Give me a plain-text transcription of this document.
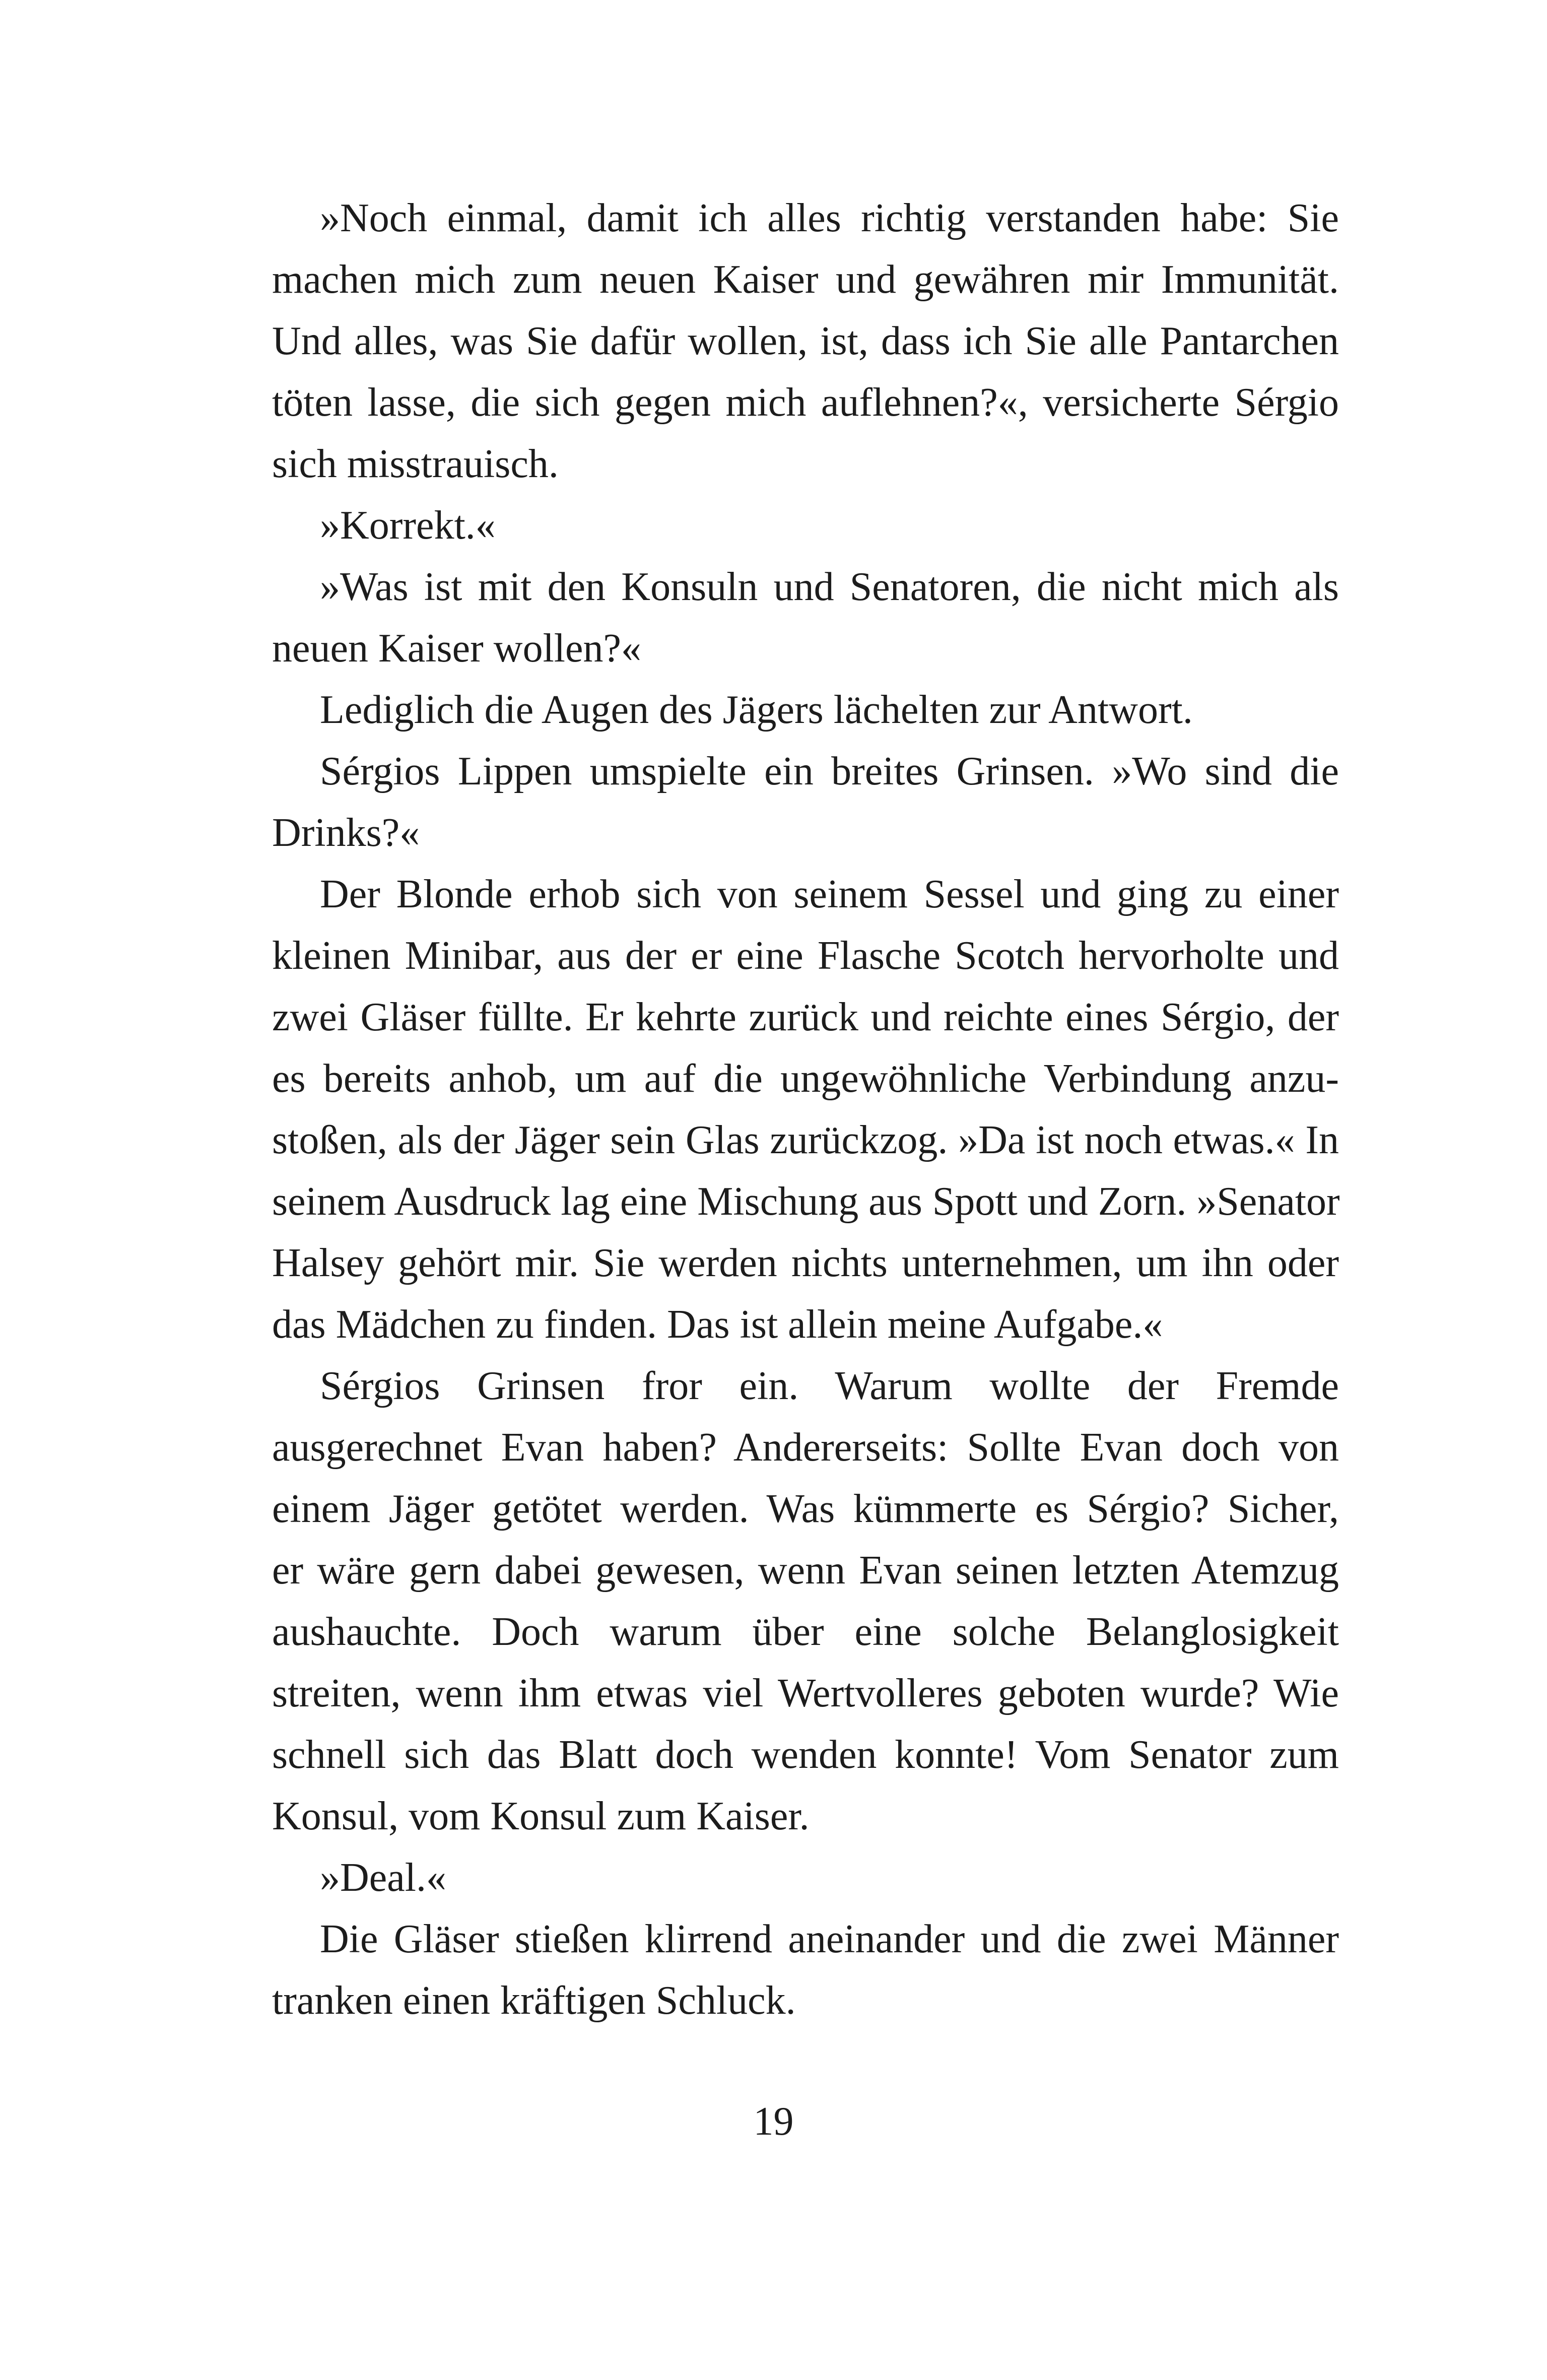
»Noch einmal, damit ich alles richtig verstanden habe: Sie
machen mich zum neuen Kaiser und gewähren mir Immunität.
Und alles, was Sie dafür wollen, ist, dass ich Sie alle Pantarchen
töten lasse, die sich gegen mich auflehnen?«, versicherte Sérgio
sich misstrauisch.
»Korrekt.«
»Was ist mit den Konsuln und Senatoren, die nicht mich als
neuen Kaiser wollen?«
Lediglich die Augen des Jägers lächelten zur Antwort.
Sérgios Lippen umspielte ein breites Grinsen. »Wo sind die
Drinks?«
Der Blonde erhob sich von seinem Sessel und ging zu einer
kleinen Minibar, aus der er eine Flasche Scotch hervorholte und
zwei Gläser füllte. Er kehrte zurück und reichte eines Sérgio, der
es bereits anhob, um auf die ungewöhnliche Verbindung anzu-
stoßen, als der Jäger sein Glas zurückzog. »Da ist noch etwas.« In
seinem Ausdruck lag eine Mischung aus Spott und Zorn. »Senator
Halsey gehört mir. Sie werden nichts unternehmen, um ihn oder
das Mädchen zu finden. Das ist allein meine Aufgabe.«
Sérgios Grinsen fror ein. Warum wollte der Fremde
ausgerechnet Evan haben? Andererseits: Sollte Evan doch von
einem Jäger getötet werden. Was kümmerte es Sérgio? Sicher,
er wäre gern dabei gewesen, wenn Evan seinen letzten Atemzug
aushauchte. Doch warum über eine solche Belanglosigkeit
streiten, wenn ihm etwas viel Wertvolleres geboten wurde? Wie
schnell sich das Blatt doch wenden konnte! Vom Senator zum
Konsul, vom Konsul zum Kaiser.
»Deal.«
Die Gläser stießen klirrend aneinander und die zwei Männer
tranken einen kräftigen Schluck.
19
